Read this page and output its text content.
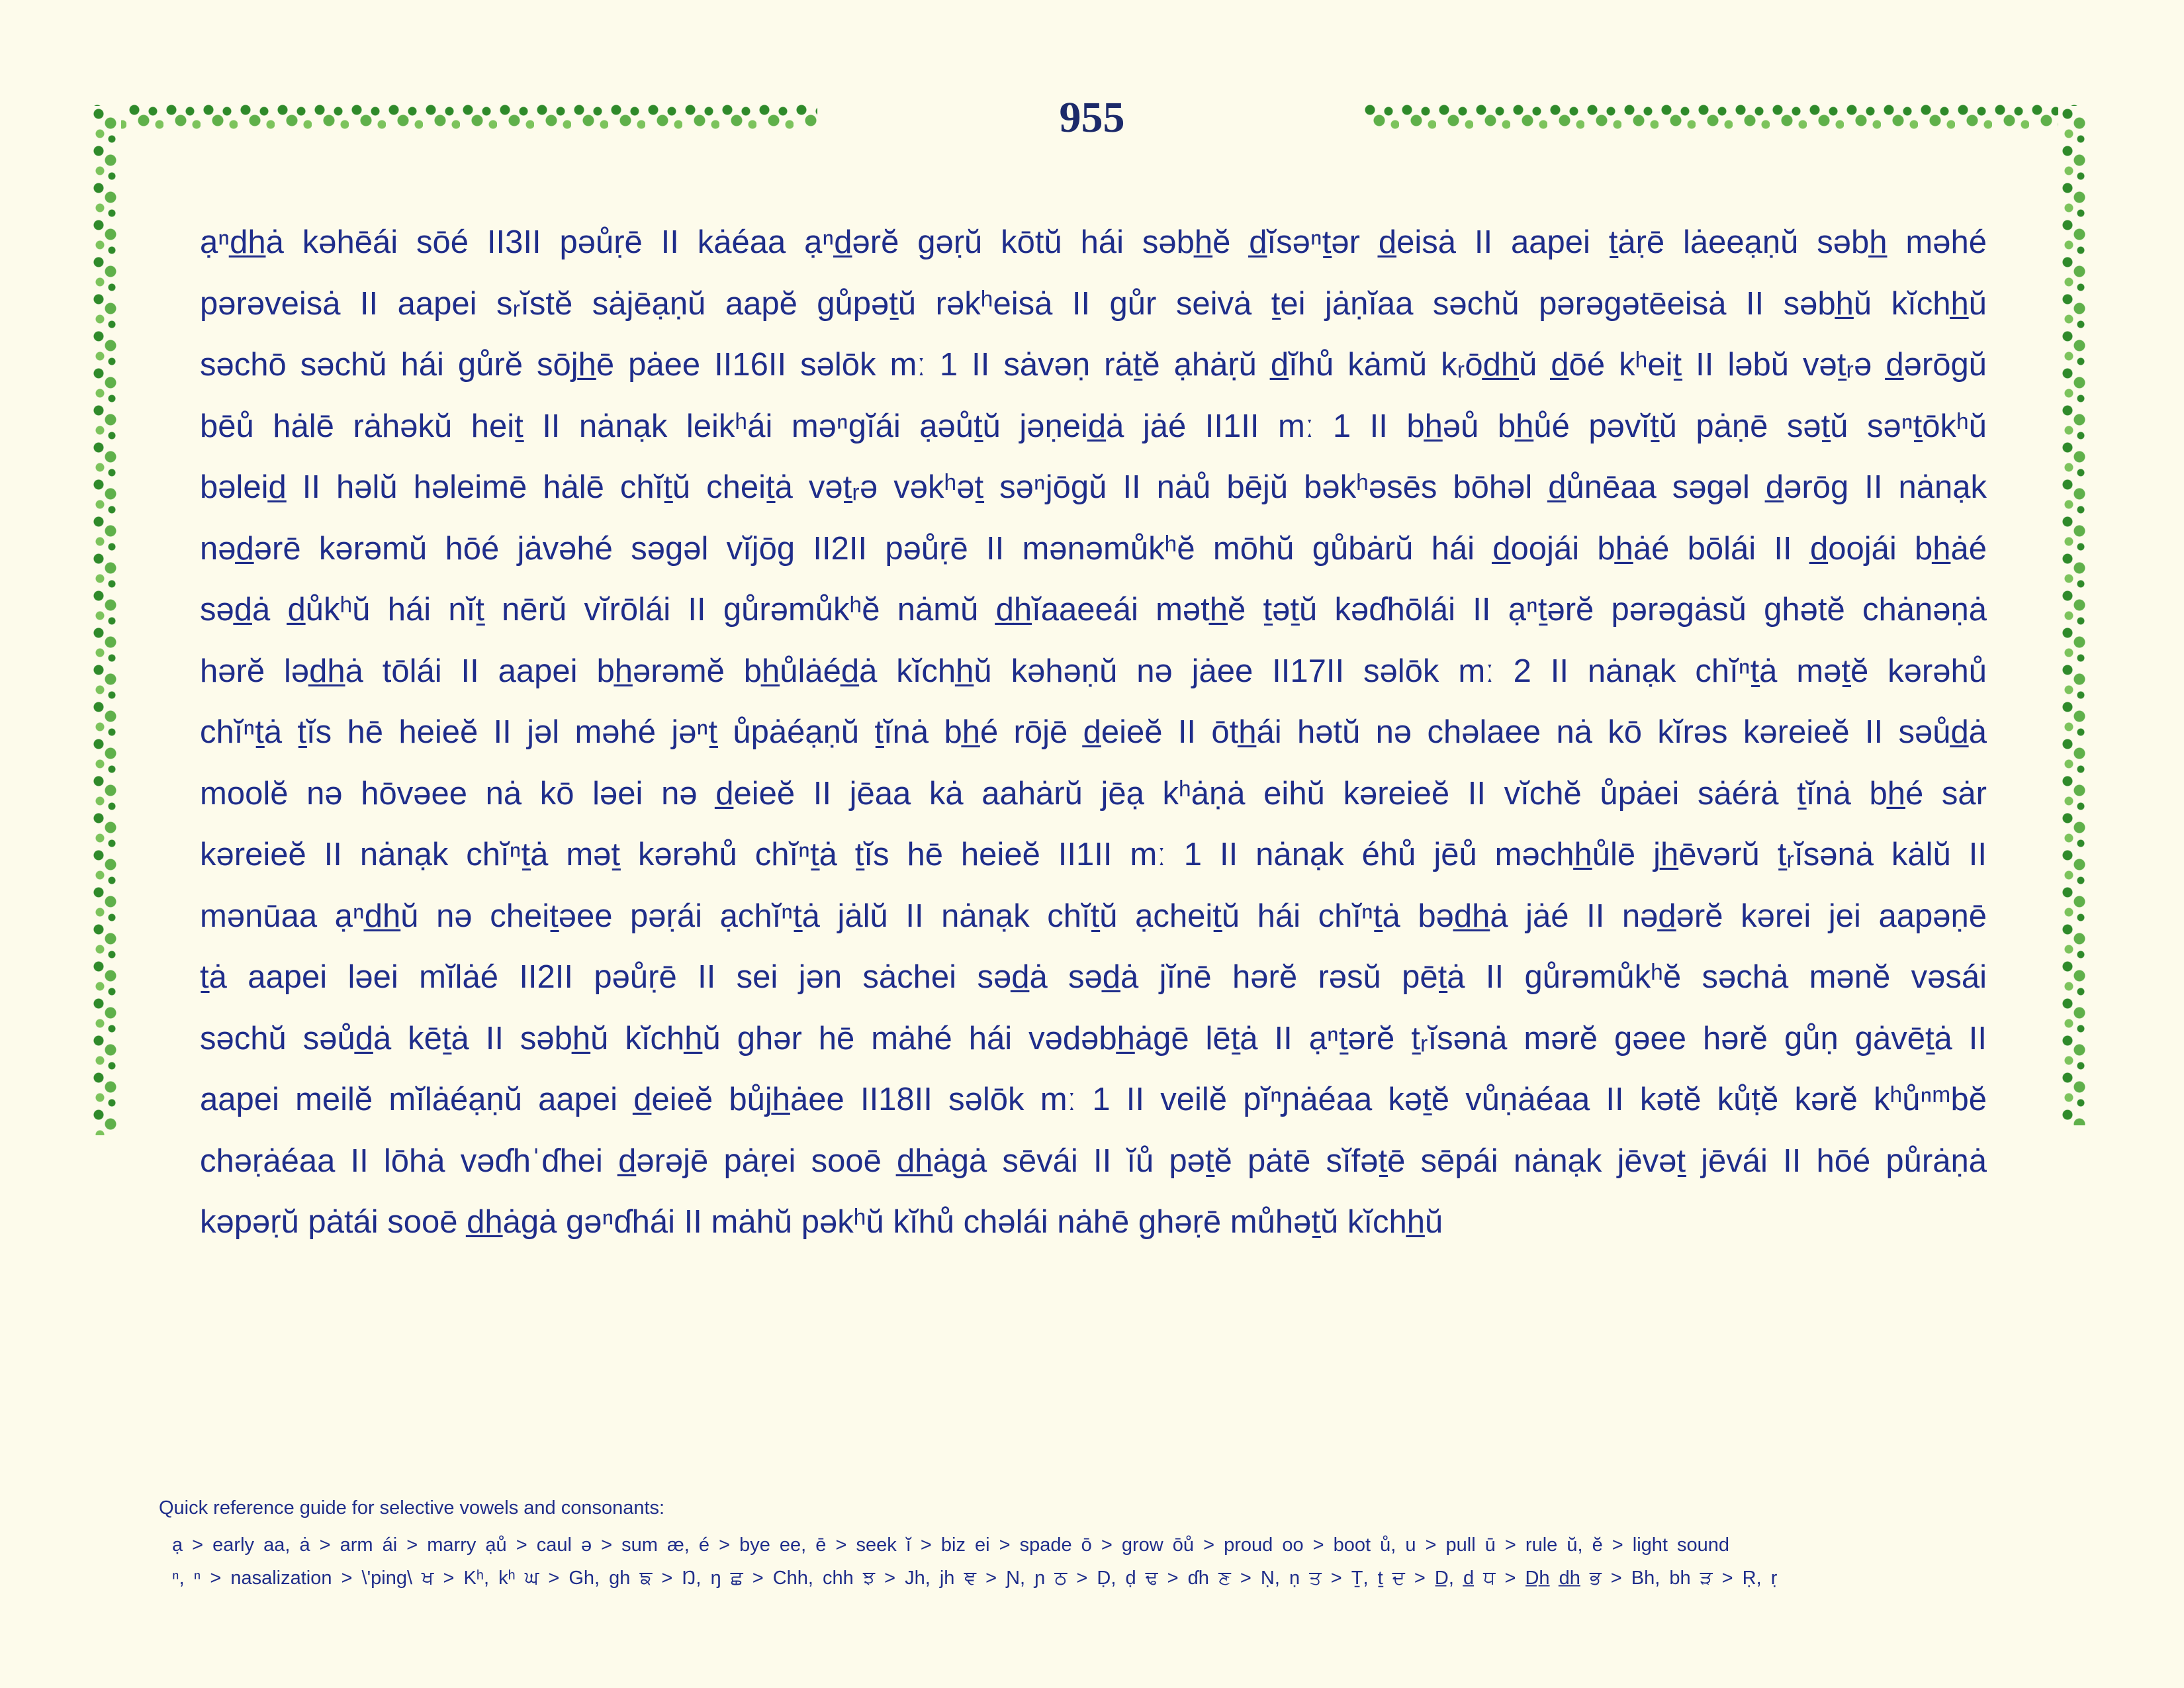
955
ạⁿd̲h̲ȧ kəhēái sōé II3II pəůṛē II kȧéaa ạⁿd̲ərĕ gəṛŭ kōtŭ hái səbh̲ĕ d̲ĭsəⁿṯər d̲eisȧ II aapei ṯȧṛē lȧeeạṇŭ səbh̲ məhé
pərəveisȧ II aapei sᵣĭstĕ sȧjēạṇŭ aapĕ gůpəṯŭ rəkʰeisȧ II gůr seivȧ ṯei jȧṇĭaa səchŭ pərəgətēeisȧ II səbh̲ŭ kĭchh̲ŭ
səchō səchŭ hái gůrĕ sōjh̲ē pȧee II16II səlōk mː 1 II sȧvəṇ rȧṯĕ ạhȧṛŭ d̲ĭhů kȧmŭ kᵣōd̲h̲ŭ d̲ōé kʰeiṯ II ləbŭ vəṯᵣə d̲ərōgŭ
bēů hȧlē rȧhəkŭ heiṯ II nȧnạk leikʰái məⁿgĭái ạəůṯŭ jəṇeid̲ȧ jȧé II1II mː 1 II bh̲əů bh̲ůé pəvĭṯŭ pȧṇē səṯŭ səⁿṯōkʰŭ
bəleid̲ II həlŭ həleimē hȧlē chĭṯŭ cheiṯȧ vəṯᵣə vəkʰəṯ səⁿjōgŭ II nȧů bējŭ bəkʰəsēs bōhəl d̲ůnēaa səgəl d̲ərōg II nȧnạk
nəd̲ərē kərəmŭ hōé jȧvəhé səgəl vĭjōg II2II pəůṛē II mənəmůkʰĕ mōhŭ gůbȧrŭ hái d̲oojái bh̲ȧé bōlái II d̲oojái bh̲ȧé
səd̲ȧ d̲ůkʰŭ hái nĭṯ nērŭ vĭrōlái II gůrəmůkʰĕ nȧmŭ d̲h̲ĭaaeeái məth̲ĕ ṯəṯŭ kəɗhōlái II ạⁿṯərĕ pərəgȧsŭ ghətĕ chȧnəṇȧ
hərĕ ləd̲h̲ȧ tōlái II aapei bh̲ərəmĕ bh̲ůlȧéd̲ȧ kĭchh̲ŭ kəhəṇŭ nə jȧee II17II səlōk mː 2 II nȧnạk chĭⁿṯȧ məṯĕ kərəhů
chĭⁿṯȧ ṯĭs hē heieĕ II jəl məhé jəⁿṯ ůpȧéạṇŭ ṯĭnȧ bh̲é rōjē d̲eieĕ II ōth̲ái hətŭ nə chəlaee nȧ kō kĭrəs kəreieĕ II səůd̲ȧ
moolĕ nə hōvəee nȧ kō ləei nə d̲eieĕ II jēaa kȧ aahȧrŭ jēạ kʰȧṇȧ eihŭ kəreieĕ II vĭchĕ ůpȧei sȧérȧ ṯĭnȧ bh̲é sȧr
kəreieĕ II nȧnạk chĭⁿṯȧ məṯ kərəhů chĭⁿṯȧ ṯĭs hē heieĕ II1II mː 1 II nȧnạk éhů jēů məchh̲ůlē jh̲ēvərŭ ṯᵣĭsənȧ kȧlŭ II
mənūaa ạⁿd̲h̲ŭ nə cheiṯəee pəṛái ạchĭⁿṯȧ jȧlŭ II nȧnạk chĭṯŭ ạcheiṯŭ hái chĭⁿṯȧ bəd̲h̲ȧ jȧé II nəd̲ərĕ kərei jei aapəṇē
ṯȧ aapei ləei mĭlȧé II2II pəůṛē II sei jən sȧchei səd̲ȧ səd̲ȧ jĭnē hərĕ rəsŭ pēṯȧ II gůrəmůkʰĕ səchȧ mənĕ vəsái
səchŭ səůd̲ȧ kēṯȧ II səbh̲ŭ kĭchh̲ŭ ghər hē mȧhé hái vədəbh̲ȧgē lēṯȧ II ạⁿṯərĕ ṯᵣĭsənȧ mərĕ gəee hərĕ gůṇ gȧvēṯȧ II
aapei meilĕ mĭlȧéạṇŭ aapei d̲eieĕ bůjh̲ȧee II18II səlōk mː 1 II veilĕ pĭⁿɲȧéaa kəṯĕ vůṇȧéaa II kətĕ kůṭĕ kərĕ kʰůⁿᵐbĕ
chəṛȧéaa II lōhȧ vəɗhˈɗhei d̲ərəjē pȧṛei sooē d̲h̲ȧgȧ sēvái II ĭů pəṯĕ pȧtē sĭfəṯē sēpái nȧnạk jēvəṯ jēvái II hōé půrȧṇȧ
kəpəṛŭ pȧtái sooē d̲h̲ȧgȧ gəⁿɗhái II mȧhŭ pəkʰŭ kĭhů chəlái nȧhē ghəṛē můhəṯŭ kĭchh̲ŭ
Quick reference guide for selective vowels and consonants:
ạ > early aa, ȧ > arm ái > marry ạů > caul ə > sum æ, é > bye ee, ē > seek ĭ > biz ei > spade ō > grow ōů > proud oo > boot ů, u > pull ū > rule ŭ, ĕ > light sound
ⁿ, ⁿ > nasalization > \'ping\ ਖ > Kʰ, kʰ ਘ > Gh, gh ਙ > Ŋ, ŋ ਛ > Chh, chh ਝ > Jh, jh ਞ > Ɲ, ɲ ਠ > Ḍ, ḍ ਢ > ɗh ਣ > Ṇ, ṇ ਤ > Ṯ, ṯ ਦ > D̲, d̲ ਧ > D̲h̲ d̲h̲ ਭ > Bh, bh ੜ > Ṛ, ṛ
